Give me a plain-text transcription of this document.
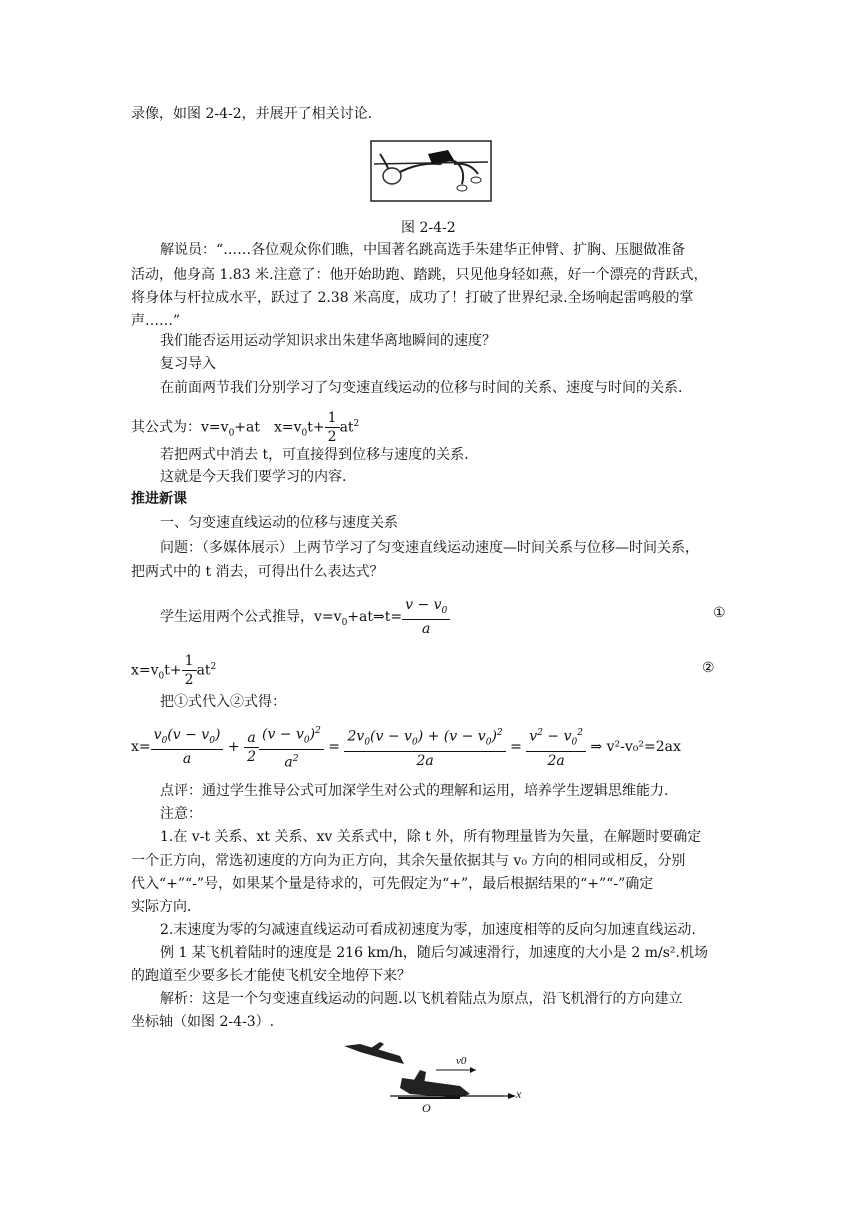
录像，如图 2-4-2，并展开了相关讨论.
图 2-4-2
解说员：“……各位观众你们瞧，中国著名跳高选手朱建华正伸臂、扩胸、压腿做准备
活动，他身高 1.83 米.注意了：他开始助跑、踏跳，只见他身轻如燕，好一个漂亮的背跃式，
将身体与杆拉成水平，跃过了 2.38 米高度，成功了！打破了世界纪录.全场响起雷鸣般的掌
声……”
我们能否运用运动学知识求出朱建华离地瞬间的速度？
复习导入
在前面两节我们分别学习了匀变速直线运动的位移与时间的关系、速度与时间的关系.
其公式为：$v=v_0+at$　$x=v_0t+ \frac{1}{2} at^2$
若把两式中消去 t，可直接得到位移与速度的关系.
这就是今天我们要学习的内容.
推进新课
一、匀变速直线运动的位移与速度关系
问题：（多媒体展示）上两节学习了匀变速直线运动速度—时间关系与位移—时间关系，
把两式中的 t 消去，可得出什么表达式？
学生运用两个公式推导，$v=v_0+at\Rightarrow t= \frac{v - v_0}{a}$	①
$x=v_0t+ \frac{1}{2} at^2$	②
把①式代入②式得：
$x= \frac{v_0(v - v_0)}{a} + \frac{a}{2} \frac{(v - v_0)^2}{a^2} = \frac{2v_0(v - v_0) + (v - v_0)^2}{2a} = \frac{v^2 - v_0^2}{2a}$ ⇒ v²-v₀²=2ax
点评：通过学生推导公式可加深学生对公式的理解和运用，培养学生逻辑思维能力.
注意：
1.在 v-t 关系、xt 关系、xv 关系式中，除 t 外，所有物理量皆为矢量，在解题时要确定
一个正方向，常选初速度的方向为正方向，其余矢量依据其与 v₀ 方向的相同或相反，分别
代入“+”“-”号，如果某个量是待求的，可先假定为“+”，最后根据结果的“+”“-”确定
实际方向.
2.末速度为零的匀减速直线运动可看成初速度为零，加速度相等的反向匀加速直线运动.
例 1 某飞机着陆时的速度是 216 km/h，随后匀减速滑行，加速度的大小是 2 m/s².机场
的跑道至少要多长才能使飞机安全地停下来？
解析：这是一个匀变速直线运动的问题.以飞机着陆点为原点，沿飞机滑行的方向建立
坐标轴（如图 2-4-3）.
v0
x
O
